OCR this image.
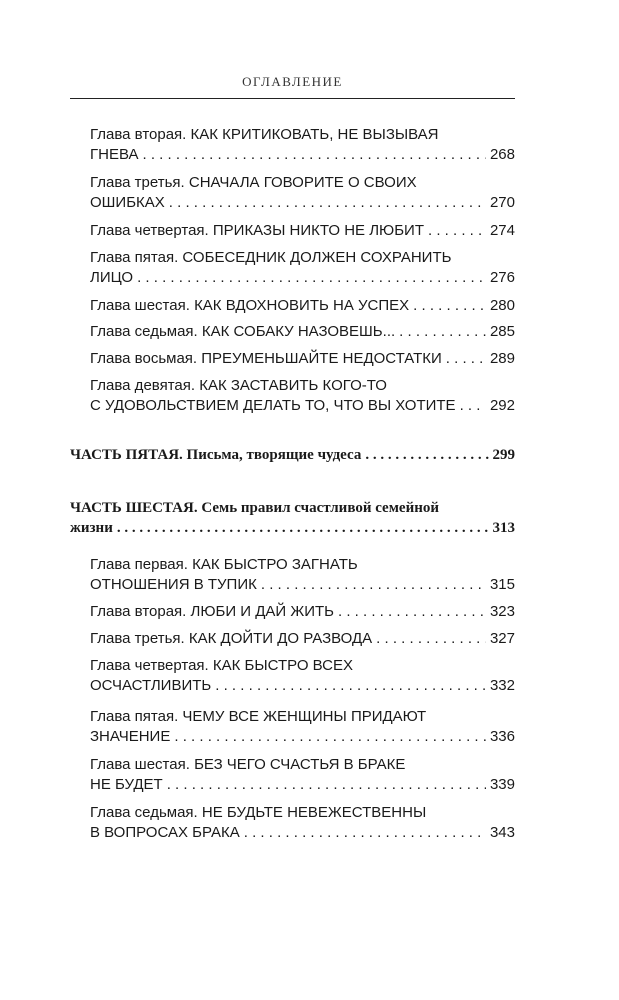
ОГЛАВЛЕНИЕ
Глава вторая. КАК КРИТИКОВАТЬ, НЕ ВЫЗЫВАЯ
ГНЕВА . . .	268
Глава третья. СНАЧАЛА ГОВОРИТЕ О СВОИХ
ОШИБКАХ . . .	270
Глава четвертая. ПРИКАЗЫ НИКТО НЕ ЛЮБИТ . . .	274
Глава пятая. СОБЕСЕДНИК ДОЛЖЕН СОХРАНИТЬ
ЛИЦО . . .	276
Глава шестая. КАК ВДОХНОВИТЬ НА УСПЕХ . . .	280
Глава седьмая. КАК СОБАКУ НАЗОВЕШЬ... . . .	285
Глава восьмая. ПРЕУМЕНЬШАЙТЕ НЕДОСТАТКИ . . .	289
Глава девятая. КАК ЗАСТАВИТЬ КОГО-ТО
С УДОВОЛЬСТВИЕМ ДЕЛАТЬ ТО, ЧТО ВЫ ХОТИТЕ . . . 292
ЧАСТЬ ПЯТАЯ. Письма, творящие чудеса . . .	299
ЧАСТЬ ШЕСТАЯ. Семь правил счастливой семейной
жизни . . .	313
Глава первая. КАК БЫСТРО ЗАГНАТЬ
ОТНОШЕНИЯ В ТУПИК . . .	315
Глава вторая. ЛЮБИ И ДАЙ ЖИТЬ . . .	323
Глава третья. КАК ДОЙТИ ДО РАЗВОДА . . .	327
Глава четвертая. КАК БЫСТРО ВСЕХ
ОСЧАСТЛИВИТЬ . . .	332
Глава пятая. ЧЕМУ ВСЕ ЖЕНЩИНЫ ПРИДАЮТ
ЗНАЧЕНИЕ . . .	336
Глава шестая. БЕЗ ЧЕГО СЧАСТЬЯ В БРАКЕ
НЕ БУДЕТ . . .	339
Глава седьмая. НЕ БУДЬТЕ НЕВЕЖЕСТВЕННЫ
В ВОПРОСАХ БРАКА . . .	343
